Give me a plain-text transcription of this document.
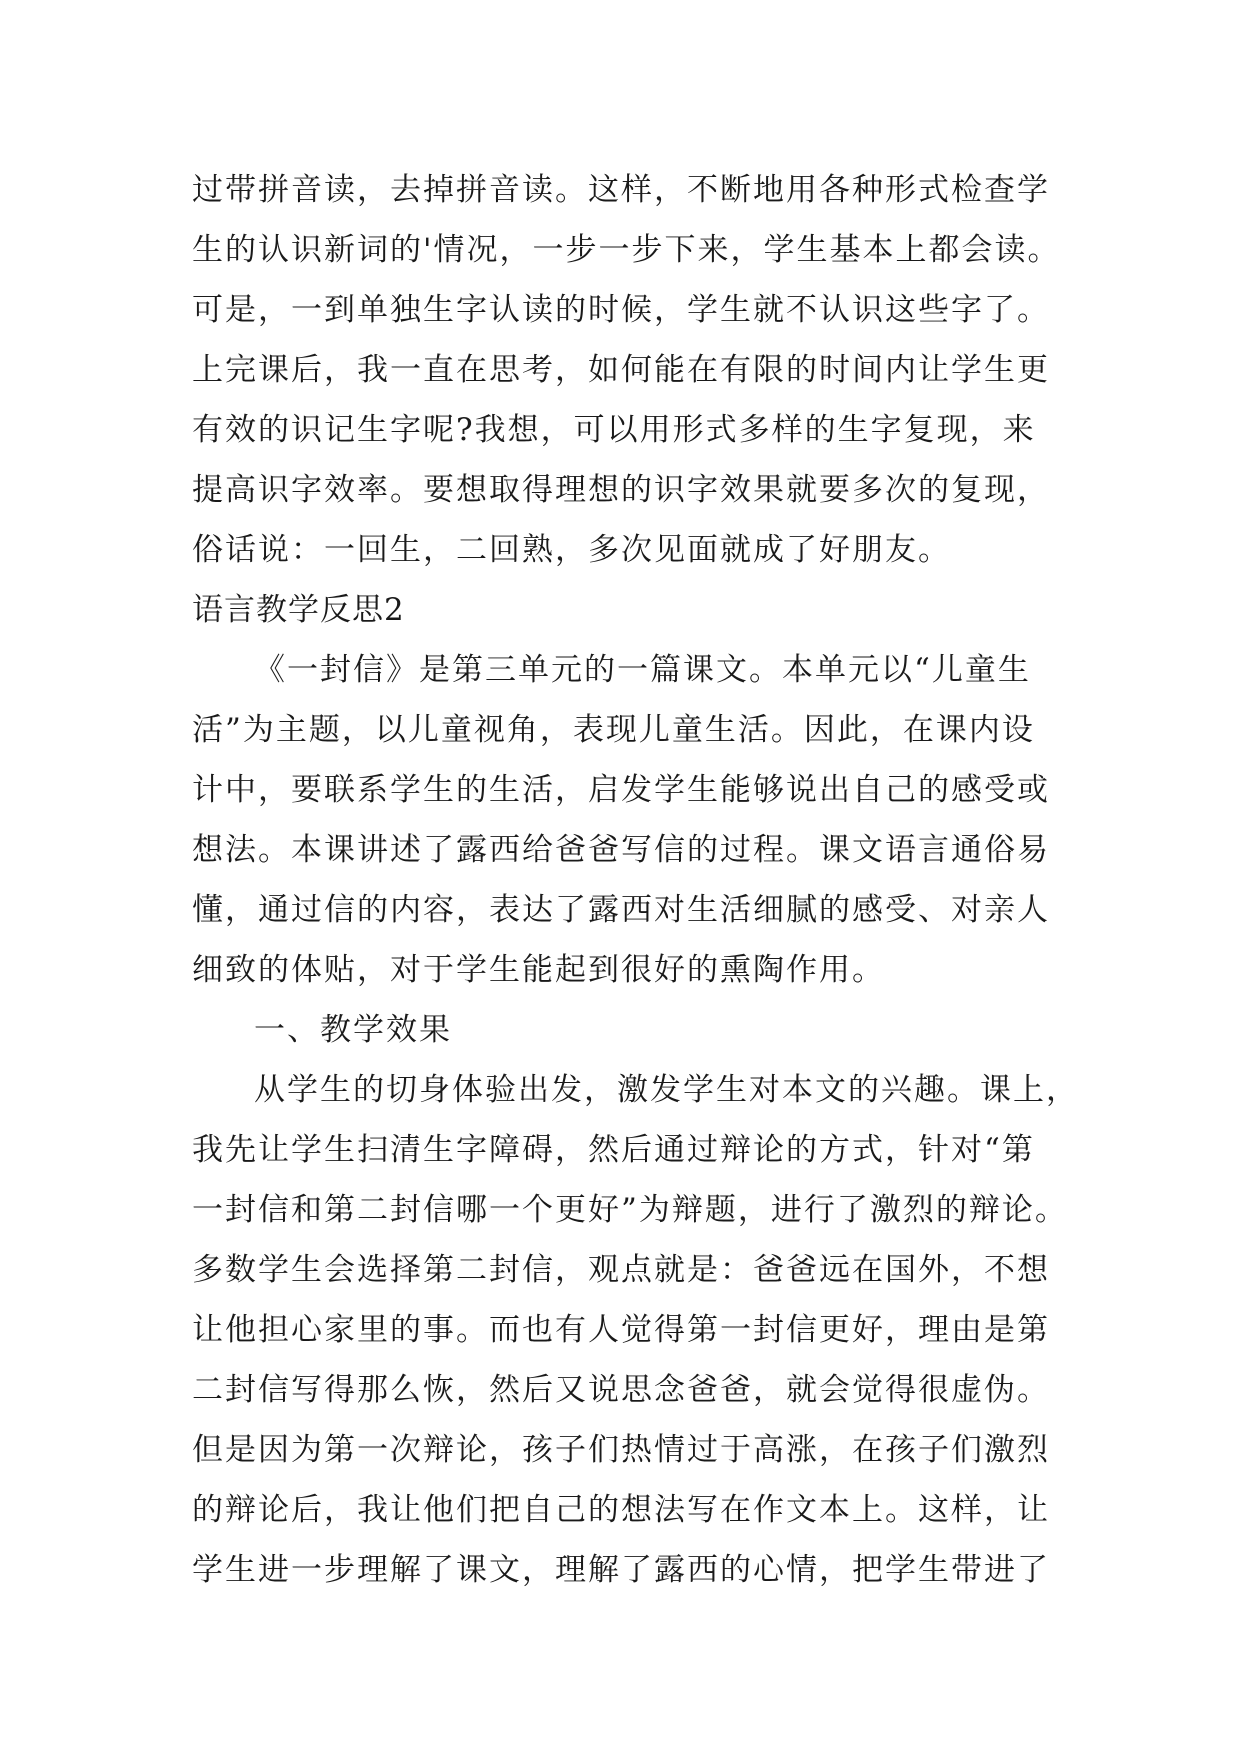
过带拼音读，去掉拼音读。这样，不断地用各种形式检查学
生的认识新词的'情况，一步一步下来，学生基本上都会读。
可是，一到单独生字认读的时候，学生就不认识这些字了。
上完课后，我一直在思考，如何能在有限的时间内让学生更
有效的识记生字呢?我想，可以用形式多样的生字复现，来
提高识字效率。要想取得理想的识字效果就要多次的复现，
俗话说：一回生，二回熟，多次见面就成了好朋友。
语言教学反思2
《一封信》是第三单元的一篇课文。本单元以“儿童生
活”为主题，以儿童视角，表现儿童生活。因此，在课内设
计中，要联系学生的生活，启发学生能够说出自己的感受或
想法。本课讲述了露西给爸爸写信的过程。课文语言通俗易
懂，通过信的内容，表达了露西对生活细腻的感受、对亲人
细致的体贴，对于学生能起到很好的熏陶作用。
一、教学效果
从学生的切身体验出发，激发学生对本文的兴趣。课上，
我先让学生扫清生字障碍，然后通过辩论的方式，针对“第
一封信和第二封信哪一个更好”为辩题，进行了激烈的辩论。
多数学生会选择第二封信，观点就是：爸爸远在国外，不想
让他担心家里的事。而也有人觉得第一封信更好，理由是第
二封信写得那么恢，然后又说思念爸爸，就会觉得很虚伪。
但是因为第一次辩论，孩子们热情过于高涨，在孩子们激烈
的辩论后，我让他们把自己的想法写在作文本上。这样，让
学生进一步理解了课文，理解了露西的心情，把学生带进了
